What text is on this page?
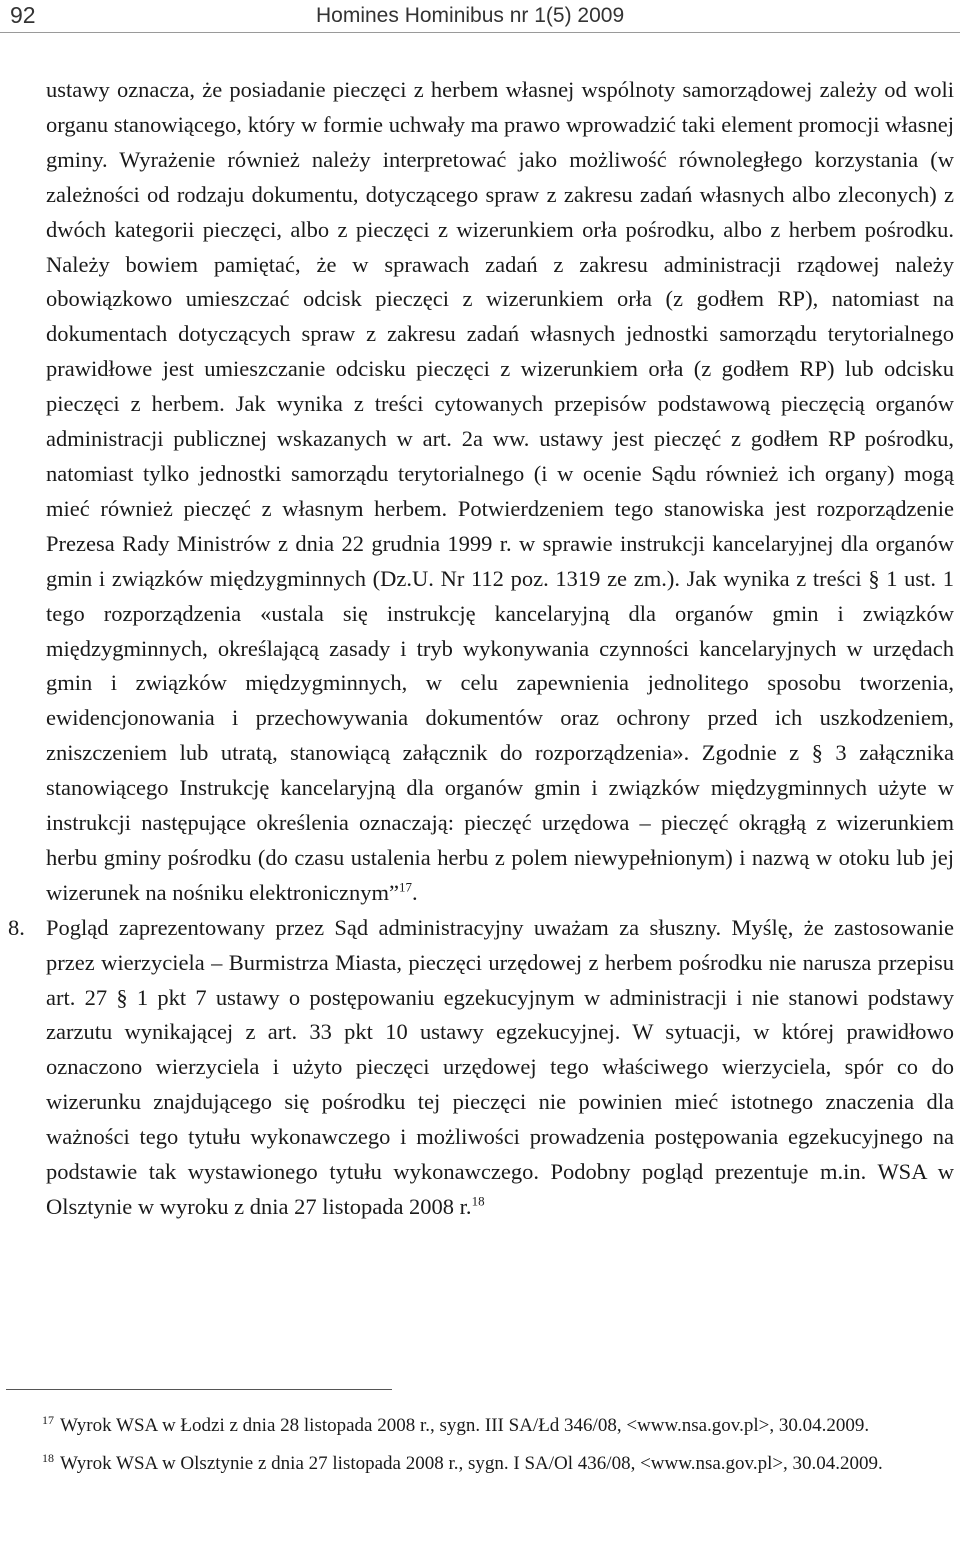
92	Homines Hominibus nr 1(5) 2009

ustawy oznacza, że posiadanie pieczęci z herbem własnej wspólnoty samorządowej zależy od woli organu stanowiącego, który w formie uchwały ma prawo wprowadzić taki element promocji własnej gminy. Wyrażenie również należy interpretować jako możliwość równoległego korzystania (w zależności od rodzaju dokumentu, dotyczącego spraw z zakresu zadań własnych albo zleconych) z dwóch kategorii pieczęci, albo z pieczęci z wizerunkiem orła pośrodku, albo z herbem pośrodku. Należy bowiem pamiętać, że w sprawach zadań z zakresu administracji rządowej należy obowiązkowo umieszczać odcisk pieczęci z wizerunkiem orła (z godłem RP), natomiast na dokumentach dotyczących spraw z zakresu zadań własnych jednostki samorządu terytorialnego prawidłowe jest umieszczanie odcisku pieczęci z wizerunkiem orła (z godłem RP) lub odcisku pieczęci z herbem. Jak wynika z treści cytowanych przepisów podstawową pieczęcią organów administracji publicznej wskazanych w art. 2a ww. ustawy jest pieczęć z godłem RP pośrodku, natomiast tylko jednostki samorządu terytorialnego (i w ocenie Sądu również ich organy) mogą mieć również pieczęć z własnym herbem. Potwierdzeniem tego stanowiska jest rozporządzenie Prezesa Rady Ministrów z dnia 22 grudnia 1999 r. w sprawie instrukcji kancelaryjnej dla organów gmin i związków międzygminnych (Dz.U. Nr 112 poz. 1319 ze zm.). Jak wynika z treści § 1 ust. 1 tego rozporządzenia «ustala się instrukcję kancelaryjną dla organów gmin i związków międzygminnych, określającą zasady i tryb wykonywania czynności kancelaryjnych w urzędach gmin i związków międzygminnych, w celu zapewnienia jednolitego sposobu tworzenia, ewidencjonowania i przechowywania dokumentów oraz ochrony przed ich uszkodzeniem, zniszczeniem lub utratą, stanowiącą załącznik do rozporządzenia». Zgodnie z § 3 załącznika stanowiącego Instrukcję kancelaryjną dla organów gmin i związków międzygminnych użyte w instrukcji następujące określenia oznaczają: pieczęć urzędowa – pieczęć okrągłą z wizerunkiem herbu gminy pośrodku (do czasu ustalenia herbu z polem niewypełnionym) i nazwą w otoku lub jej wizerunek na nośniku elektronicznym”$^{17}$.

8. Pogląd zaprezentowany przez Sąd administracyjny uważam za słuszny. Myślę, że zastosowanie przez wierzyciela – Burmistrza Miasta, pieczęci urzędowej z herbem pośrodku nie narusza przepisu art. 27 § 1 pkt 7 ustawy o postępowaniu egzekucyjnym w administracji i nie stanowi podstawy zarzutu wynikającej z art. 33 pkt 10 ustawy egzekucyjnej. W sytuacji, w której prawidłowo oznaczono wierzyciela i użyto pieczęci urzędowej tego właściwego wierzyciela, spór co do wizerunku znajdującego się pośrodku tej pieczęci nie powinien mieć istotnego znaczenia dla ważności tego tytułu wykonawczego i możliwości prowadzenia postępowania egzekucyjnego na podstawie tak wystawionego tytułu wykonawczego. Podobny pogląd prezentuje m.in. WSA w Olsztynie w wyroku z dnia 27 listopada 2008 r.$^{18}$

$^{17}$ Wyrok WSA w Łodzi z dnia 28 listopada 2008 r., sygn. III SA/Łd 346/08, <www.nsa.gov.pl>, 30.04.2009.

$^{18}$ Wyrok WSA w Olsztynie z dnia 27 listopada 2008 r., sygn. I SA/Ol 436/08, <www.nsa.gov.pl>, 30.04.2009.
